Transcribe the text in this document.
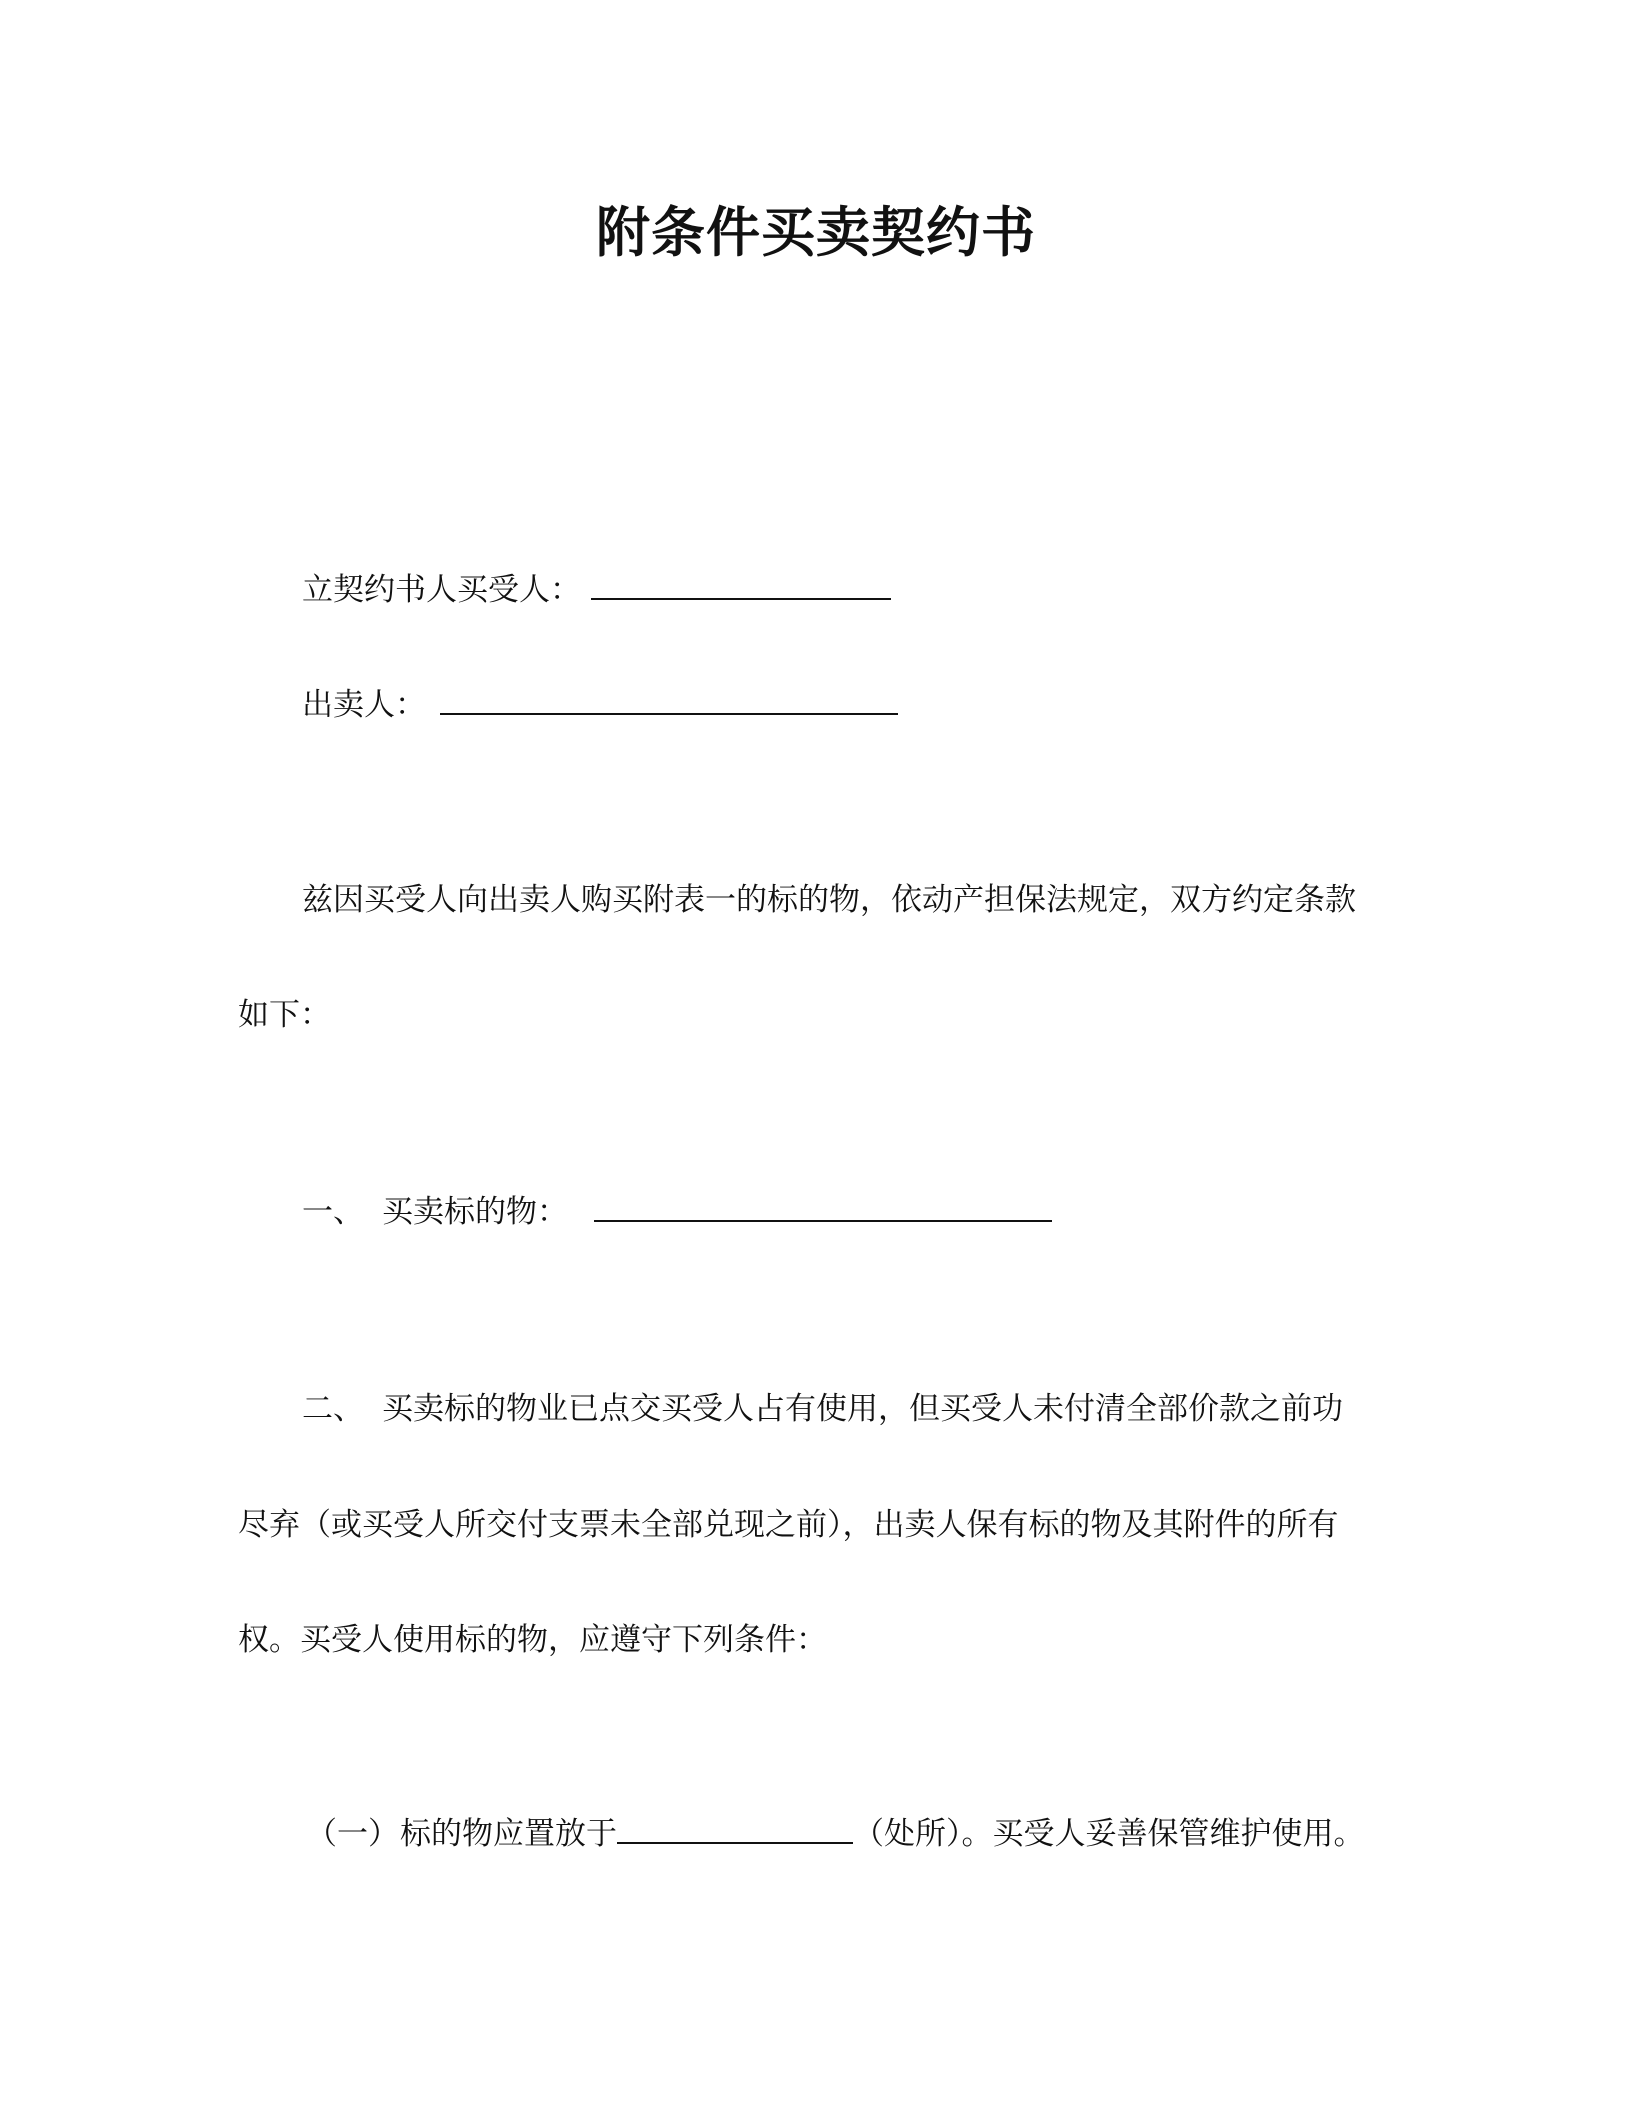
附条件买卖契约书
立契约书人买受人：
出卖人：
兹因买受人向出卖人购买附表一的标的物，依动产担保法规定，双方约定条款
如下：
一、 买卖标的物：
二、 买卖标的物业已点交买受人占有使用，但买受人未付清全部价款之前功
尽弃（或买受人所交付支票未全部兑现之前），出卖人保有标的物及其附件的所有
权。买受人使用标的物，应遵守下列条件：
（一）标的物应置放于	（处所）。买受人妥善保管维护使用。
